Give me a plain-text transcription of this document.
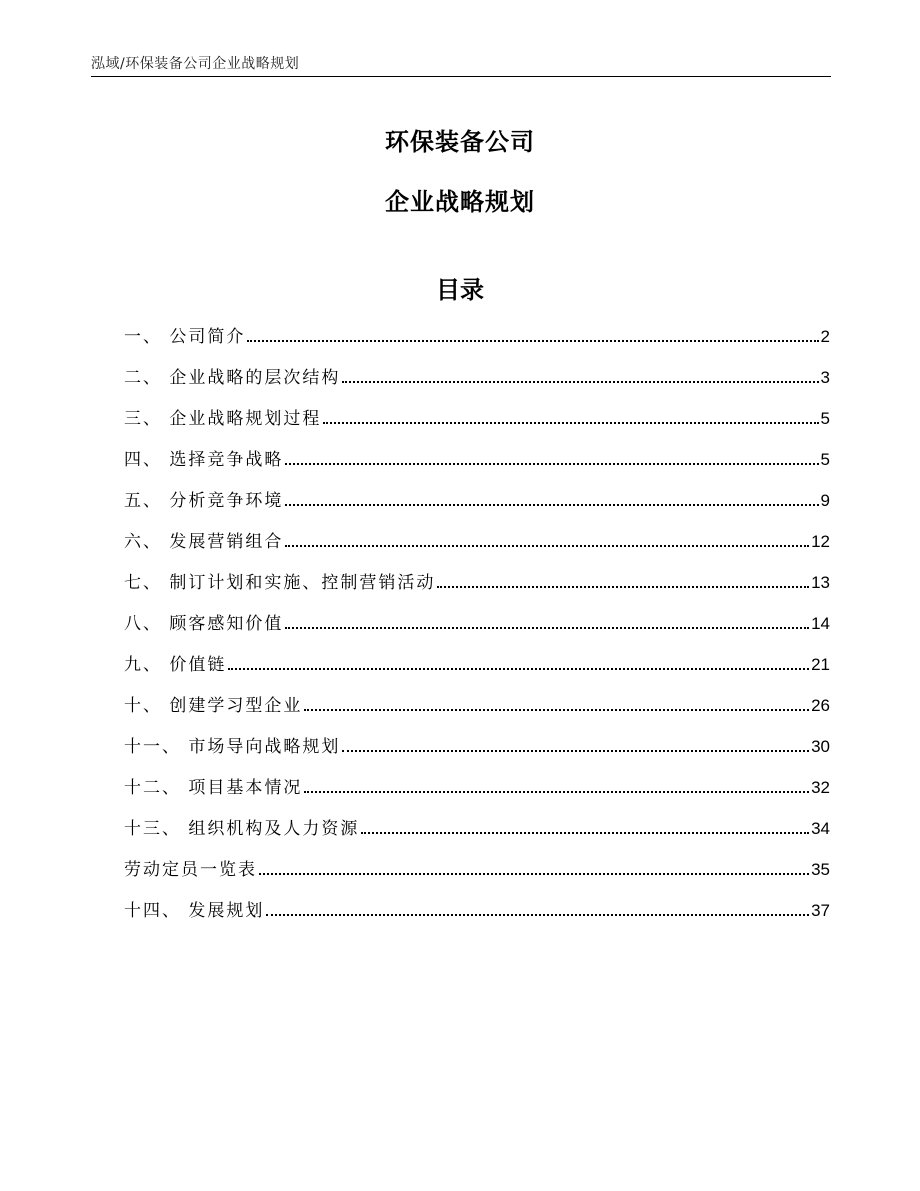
泓域/环保装备公司企业战略规划
环保装备公司
企业战略规划
目录
一、 公司简介	2
二、 企业战略的层次结构	3
三、 企业战略规划过程	5
四、 选择竞争战略	5
五、 分析竞争环境	9
六、 发展营销组合	12
七、 制订计划和实施、控制营销活动	13
八、 顾客感知价值	14
九、 价值链	21
十、 创建学习型企业	26
十一、 市场导向战略规划	30
十二、 项目基本情况	32
十三、 组织机构及人力资源	34
劳动定员一览表	35
十四、 发展规划	37
